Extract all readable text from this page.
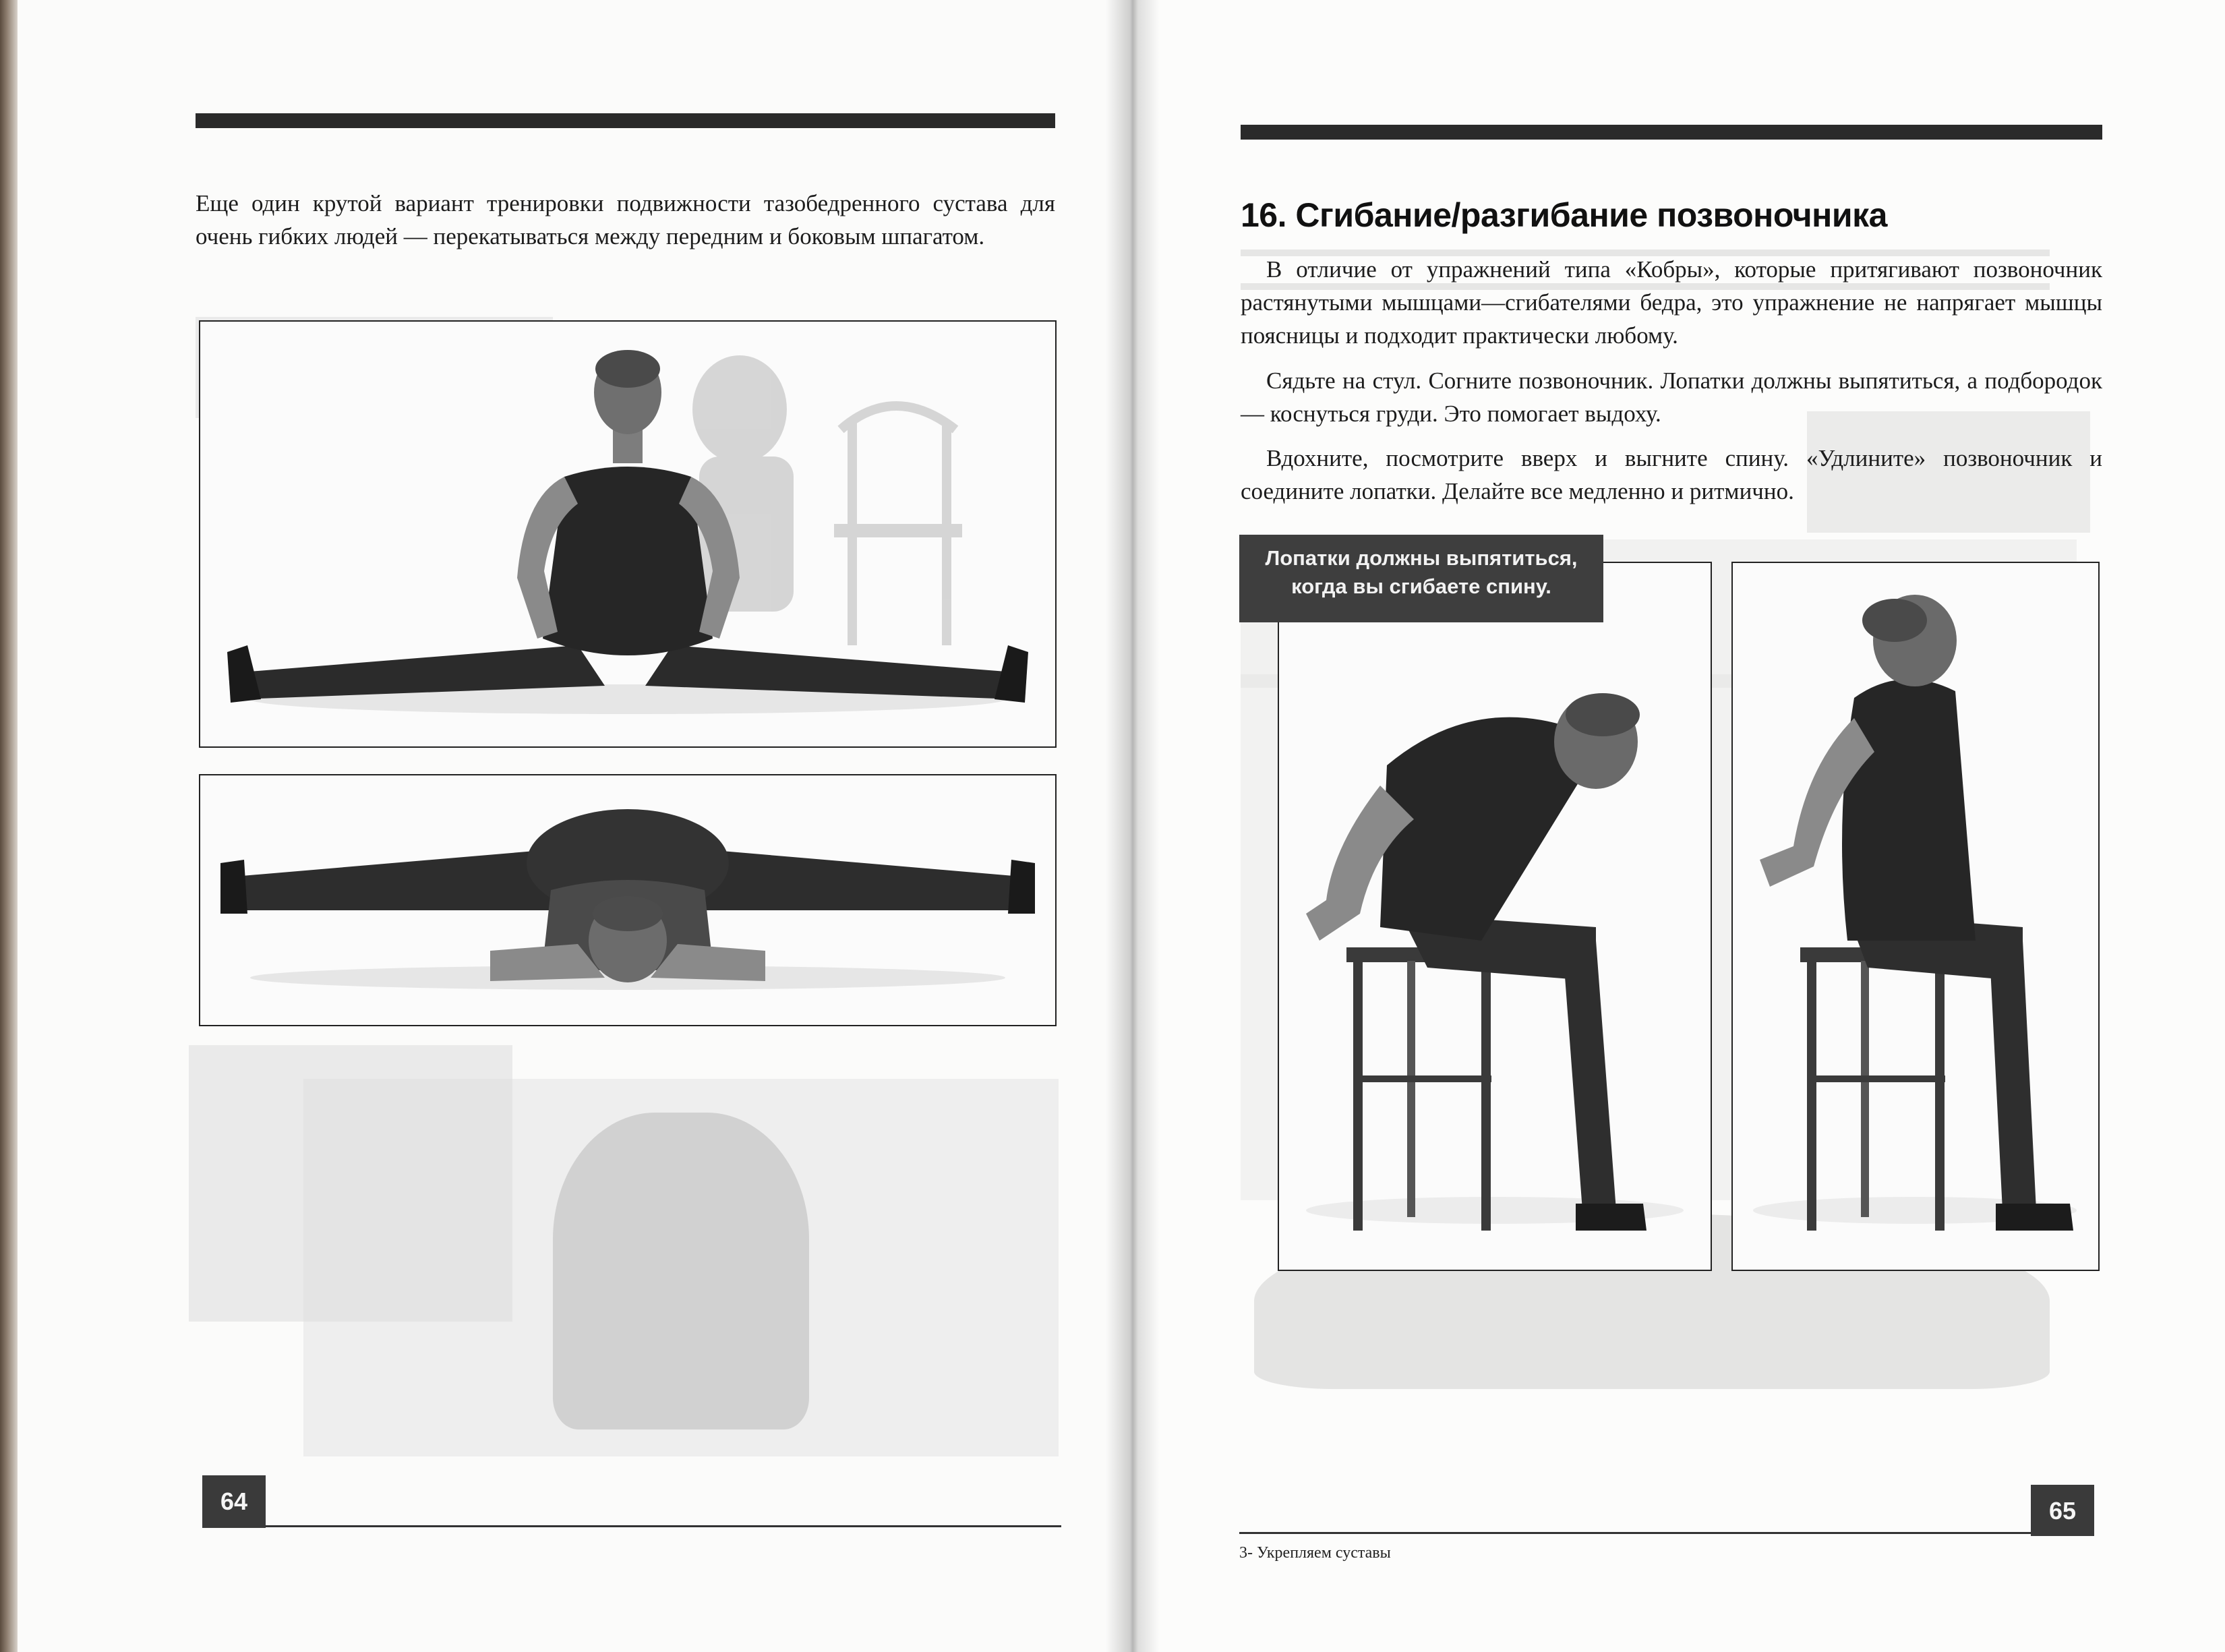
Еще один крутой вариант тренировки подвижности тазобедренного сустава для очень гибких людей — перекатываться между передним и боковым шпагатом.

64
16. Сгибание/разгибание позвоночника

В отличие от упражнений типа «Кобры», которые притягивают позвоночник растянутыми мышцами—сгибателями бедра, это упражнение не напрягает мышцы поясницы и подходит практически любому.

Сядьте на стул. Согните позвоночник. Лопатки должны выпятиться, а подбородок — коснуться груди. Это помогает выдоху.

Вдохните, посмотрите вверх и выгните спину. «Удлините» позвоночник и соедините лопатки. Делайте все медленно и ритмично.

Лопатки должны выпятиться, когда вы сгибаете спину.
65
3- Укрепляем суставы
